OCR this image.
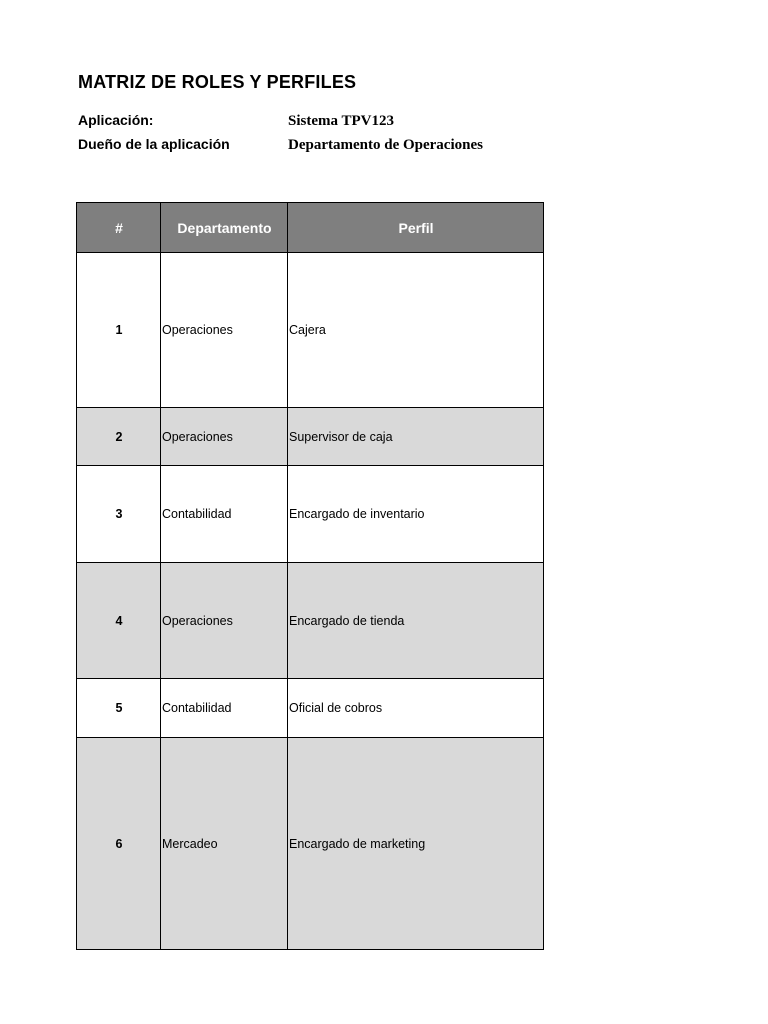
MATRIZ DE ROLES Y PERFILES
Aplicación:	Sistema TPV123
Dueño de la aplicación	Departamento de Operaciones
#	Departamento	Perfil
1	Operaciones	Cajera
2	Operaciones	Supervisor de caja
3	Contabilidad	Encargado de inventario
4	Operaciones	Encargado de tienda
5	Contabilidad	Oficial de cobros
6	Mercadeo	Encargado de marketing
